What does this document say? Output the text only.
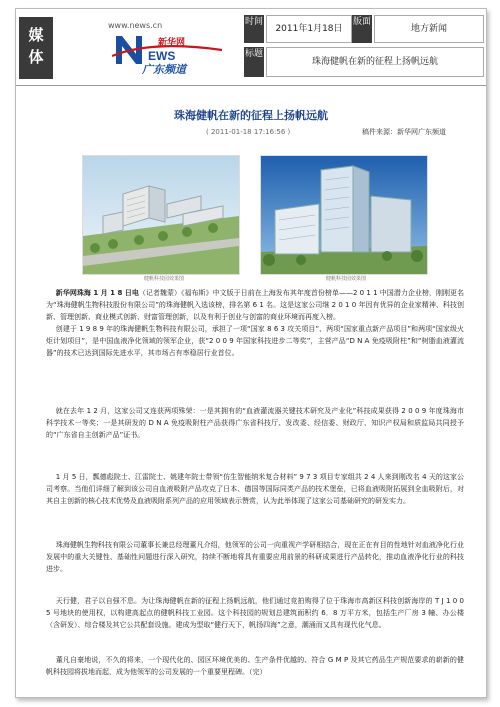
媒体
www.news.cn
EWS
新华网
广东频道
时间
2011年1月18日
版面
地方新闻
标题
珠海健帆在新的征程上扬帆远航
珠海健帆在新的征程上扬帆远航
( 2011-01-18 17:16:56 )	稿件来源：新华网广东频道
健帆科技园效果图	健帆科技园效果图

新华网珠海 1 月 1 8 日电（记者魏蒙）《福布斯》中文版于日前在上海发布其年度首份榜单——2 0 1 1 中国潜力企业榜，刚刚更名为“珠海健帆生物科技股份有限公司”的珠海健帆入选该榜，排名第 6 1 名。这是这家公司继 2 0 1 0 年因有优异的企业家精神、科技创新、管理创新、商业模式创新、财富管理创新，以及有利于创业与创富的商业环境而再度入榜。

创建于 1 9 8 9 年的珠海健帆生物科技有限公司，承担了一项“国家 8 6 3 攻关项目”、两项“国家重点新产品项目”和两项“国家级火炬计划项目”，是中国血液净化领域的领军企业，获“2 0 0 9 年国家科技进步二等奖”，主营产品“D N A 免疫吸附柱”和“树脂血液灌流器”的技术已达到国际先进水平，其市场占有率稳居行业首位。

就在去年 1 2 月，这家公司又连获两项殊荣：一是其拥有的“血液灌流器关键技术研究及产业化”科技成果获得 2 0 0 9 年度珠海市科学技术一等奖；一是其研发的 D N A 免疫吸附柱产品获得广东省科技厅、发改委、经信委、财政厅、知识产权局和质监局共同授予的“广东省自主创新产品”证书。

1 月 5 日，瓢德彪院士、江雷院士、姚建年院士带领“仿生智能纳米复合材料” 9 7 3 项目专家组共 2 4 人来到刚改名 4 天的这家公司考察。当他们详细了解到该公司自血液吸附产品攻克了日本、德国等国际同类产品的技术堡垒，已将血液吸附拓展到全血吸附后，对其自主创新的核心技术优势及血液吸附系列产品的应用领域表示赞赏，认为此举体现了这家公司基础研究的研发实力。

珠海健帆生物科技有限公司董事长兼总经理董凡介绍，他领军的公司一向重视产学研相结合，现在正在有目的性地针对血液净化行业发展中的重大关键性、基础性问题进行深入研究，持续不断地将具有重要应用前景的科研成果进行产品转化，推动血液净化行业的科技进步。

天行健，君子以自强不息。为让珠海健帆在新的征程上扬帆远航，他们通过竞拍购得了位于珠海市高新区科技创新海岸的 T J 1 0 0 5 号地块的使用权，以构建高起点的健帆科技工业园。这个科技园的规划总建筑面积约 6．8 万平方米，包括生产厂房 3 幢、办公楼（含研发）、综合楼及其它公共配套设施。建成为型取“健行天下，帆扬四海”之意，潮涌而又具有现代化气息。

董凡自豪地说，不久的将来，一个现代化的、园区环境优美的、生产条件优越的、符合 G M P 及其它药品生产规范要求的崭新的健帆科技园将拔地而起，成为他领军的公司发展的一个重要里程碑。（完）
